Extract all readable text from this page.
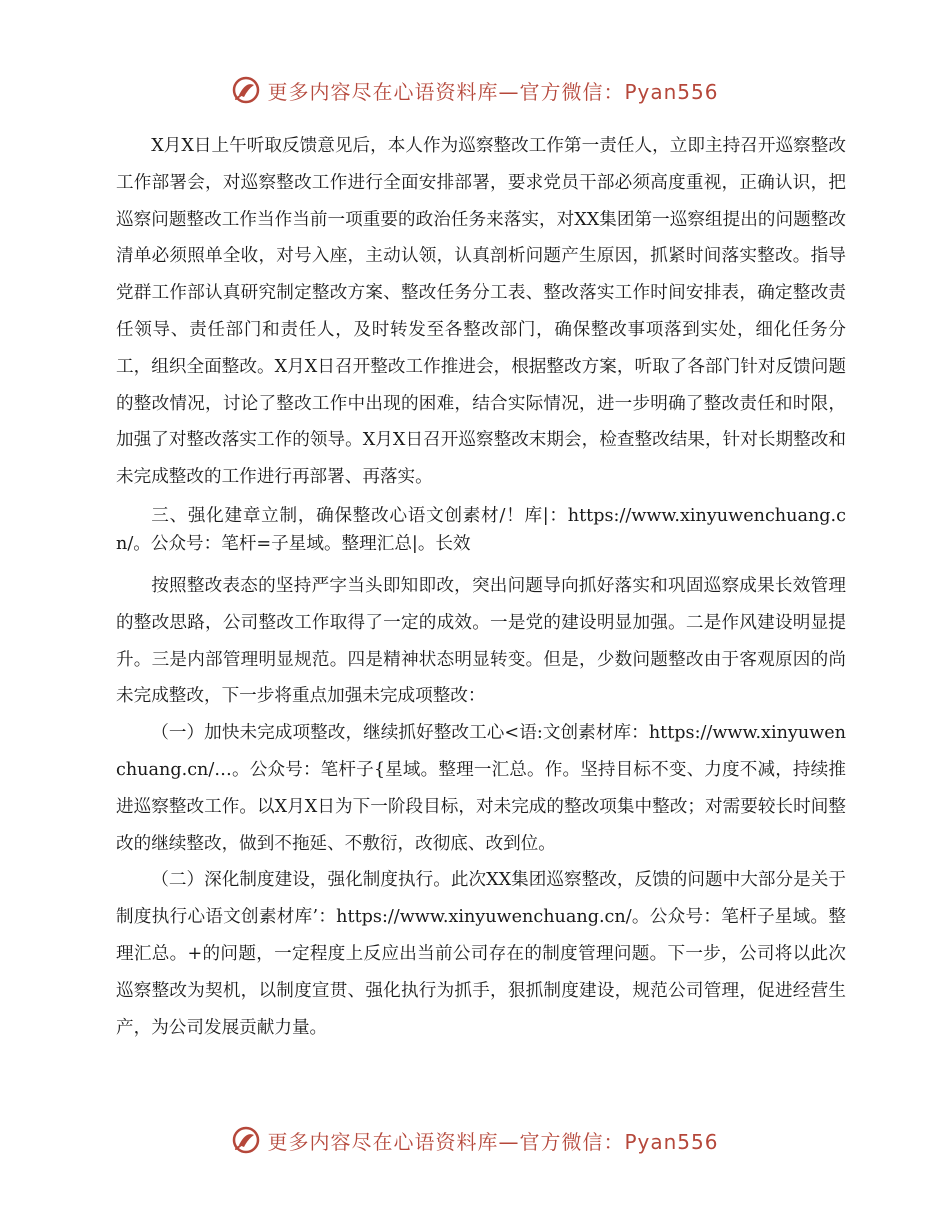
更多内容尽在心语资料库—官方微信：Pyan556

X月X日上午听取反馈意见后，本人作为巡察整改工作第一责任人，立即主持召开巡察整改工作部署会，对巡察整改工作进行全面安排部署，要求党员干部必须高度重视，正确认识，把巡察问题整改工作当作当前一项重要的政治任务来落实，对XX集团第一巡察组提出的问题整改清单必须照单全收，对号入座，主动认领，认真剖析问题产生原因，抓紧时间落实整改。指导党群工作部认真研究制定整改方案、整改任务分工表、整改落实工作时间安排表，确定整改责任领导、责任部门和责任人，及时转发至各整改部门，确保整改事项落到实处，细化任务分工，组织全面整改。X月X日召开整改工作推进会，根据整改方案，听取了各部门针对反馈问题的整改情况，讨论了整改工作中出现的困难，结合实际情况，进一步明确了整改责任和时限，加强了对整改落实工作的领导。X月X日召开巡察整改末期会，检查整改结果，针对长期整改和未完成整改的工作进行再部署、再落实。

三、强化建章立制，确保整改心语文创素材/！库|：https://www.xinyuwenchuang.cn/。公众号：笔杆=子星域。整理汇总|。长效

按照整改表态的坚持严字当头即知即改，突出问题导向抓好落实和巩固巡察成果长效管理的整改思路，公司整改工作取得了一定的成效。一是党的建设明显加强。二是作风建设明显提升。三是内部管理明显规范。四是精神状态明显转变。但是，少数问题整改由于客观原因的尚未完成整改，下一步将重点加强未完成项整改：

（一）加快未完成项整改，继续抓好整改工心<语:文创素材库：https://www.xinyuwenchuang.cn/…。公众号：笔杆子{星域。整理一汇总。作。坚持目标不变、力度不减，持续推进巡察整改工作。以X月X日为下一阶段目标，对未完成的整改项集中整改；对需要较长时间整改的继续整改，做到不拖延、不敷衍，改彻底、改到位。

（二）深化制度建设，强化制度执行。此次XX集团巡察整改，反馈的问题中大部分是关于制度执行心语文创素材库’：https://www.xinyuwenchuang.cn/。公众号：笔杆子星域。整理汇总。+的问题，一定程度上反应出当前公司存在的制度管理问题。下一步，公司将以此次巡察整改为契机，以制度宣贯、强化执行为抓手，狠抓制度建设，规范公司管理，促进经营生产，为公司发展贡献力量。

更多内容尽在心语资料库—官方微信：Pyan556
